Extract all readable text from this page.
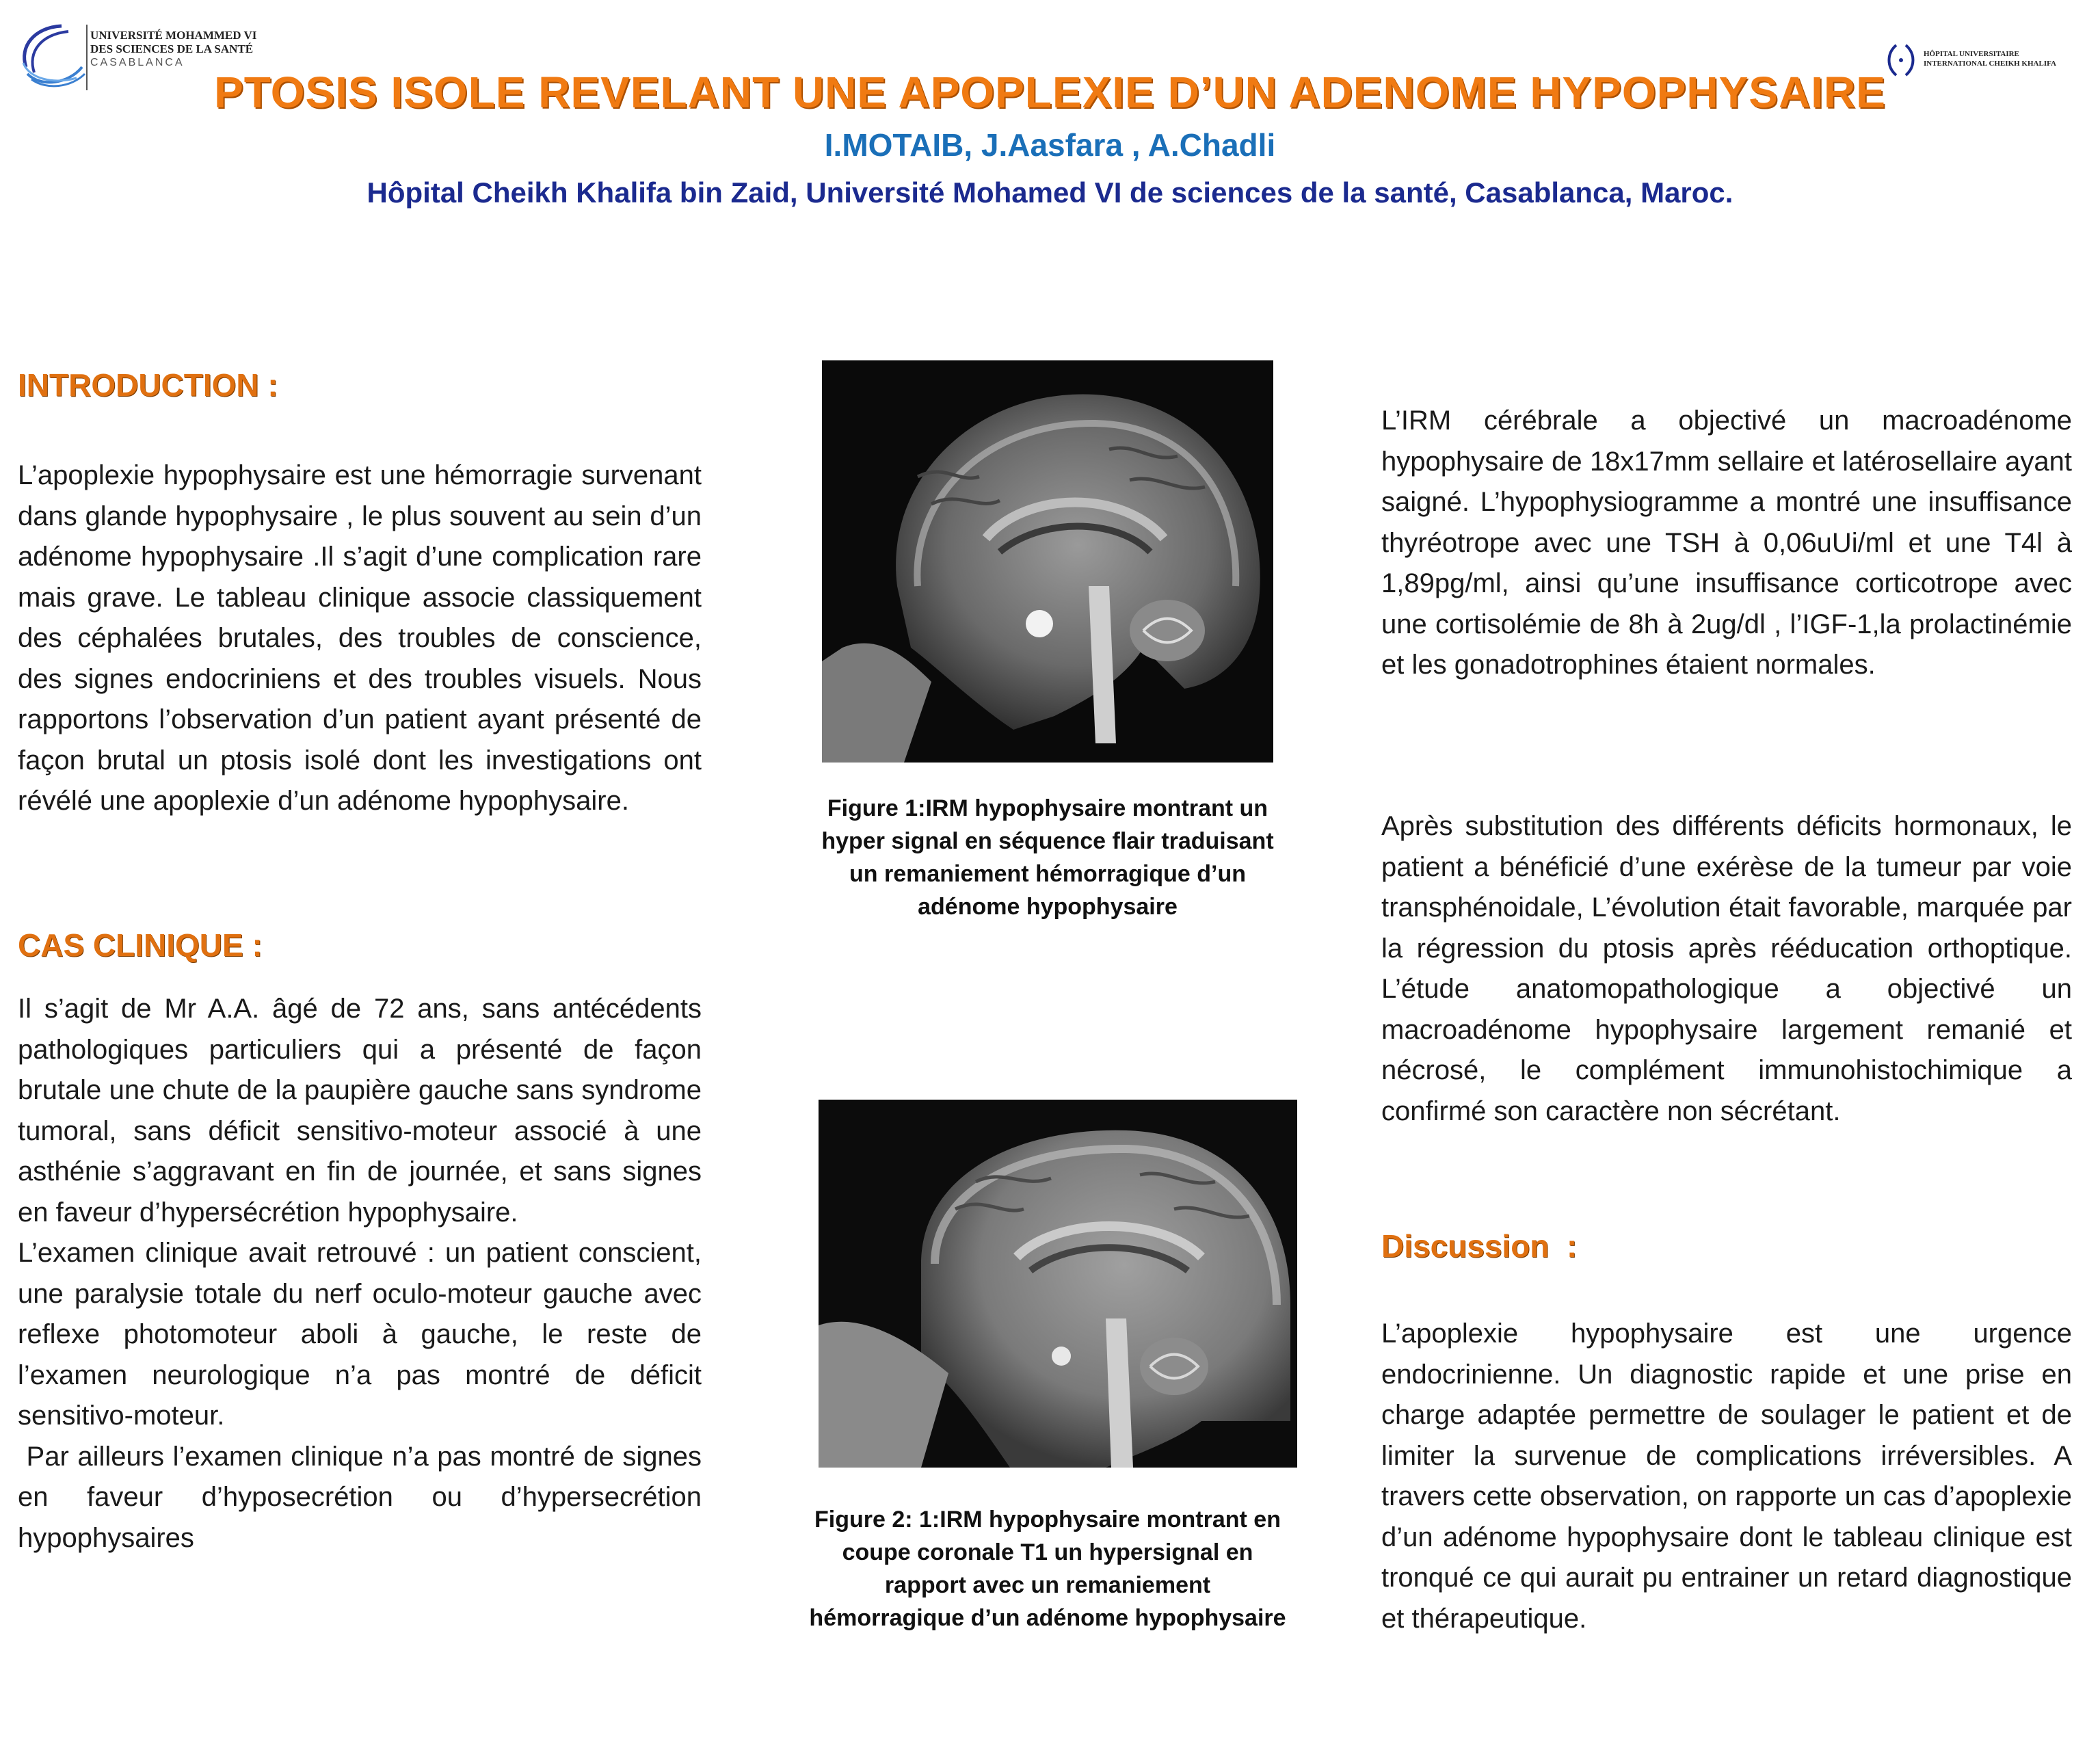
UNIVERSITÉ MOHAMMED VI
DES SCIENCES DE LA SANTÉ
CASABLANCA
HÔPITAL UNIVERSITAIRE
INTERNATIONAL CHEIKH KHALIFA
PTOSIS ISOLE REVELANT UNE APOPLEXIE D’UN ADENOME HYPOPHYSAIRE
I.MOTAIB, J.Aasfara , A.Chadli
Hôpital Cheikh Khalifa bin Zaid, Université Mohamed VI de sciences de la santé, Casablanca, Maroc.
INTRODUCTION :

L’apoplexie hypophysaire est une hémorragie survenant dans glande hypophysaire , le plus souvent au sein d’un adénome hypophysaire .Il s’agit d’une complication rare mais grave. Le tableau clinique associe classiquement des céphalées brutales, des troubles de conscience, des signes endocriniens et des troubles visuels. Nous rapportons l’observation d’un patient ayant présenté de façon brutal un ptosis isolé dont les investigations ont révélé une apoplexie d’un adénome hypophysaire.

CAS CLINIQUE :

Il s’agit de Mr A.A. âgé de 72 ans, sans antécédents pathologiques particuliers qui a présenté de façon brutale une chute de la paupière gauche sans syndrome tumoral, sans déficit sensitivo-moteur associé à une asthénie s’aggravant en fin de journée, et sans signes en faveur d’hypersécrétion hypophysaire.

L’examen clinique avait retrouvé : un patient conscient, une paralysie totale du nerf oculo-moteur gauche avec reflexe photomoteur aboli à gauche, le reste de l’examen neurologique n’a pas montré de déficit sensitivo-moteur.

Par ailleurs l’examen clinique n’a pas montré de signes en faveur d’hyposecrétion ou d’hypersecrétion hypophysaires

Figure 1:IRM hypophysaire montrant un hyper signal en séquence flair traduisant un remaniement hémorragique d’un adénome hypophysaire
Figure 2: 1:IRM hypophysaire montrant en coupe coronale T1 un hypersignal en rapport avec un remaniement hémorragique d’un adénome hypophysaire

L’IRM cérébrale a objectivé un macroadénome hypophysaire de 18x17mm sellaire et latérosellaire ayant saigné. L’hypophysiogramme a montré une insuffisance thyréotrope avec une TSH à 0,06uUi/ml et une T4l à 1,89pg/ml, ainsi qu’une insuffisance corticotrope avec une cortisolémie de 8h à 2ug/dl , l’IGF-1,la prolactinémie et les gonadotrophines étaient normales.

Après substitution des différents déficits hormonaux, le patient a bénéficié d’une exérèse de la tumeur par voie transphénoidale, L’évolution était favorable, marquée par la régression du ptosis après rééducation orthoptique. L’étude anatomopathologique a objectivé un macroadénome hypophysaire largement remanié et nécrosé, le complément immunohistochimique a confirmé son caractère non sécrétant.

Discussion  :

L’apoplexie hypophysaire est une urgence endocrinienne. Un diagnostic rapide et une prise en charge adaptée permettre de soulager le patient et de limiter la survenue de complications irréversibles. A travers cette observation, on rapporte un cas d’apoplexie d’un adénome hypophysaire dont le tableau clinique est tronqué ce qui aurait pu entrainer un retard diagnostique et thérapeutique.
